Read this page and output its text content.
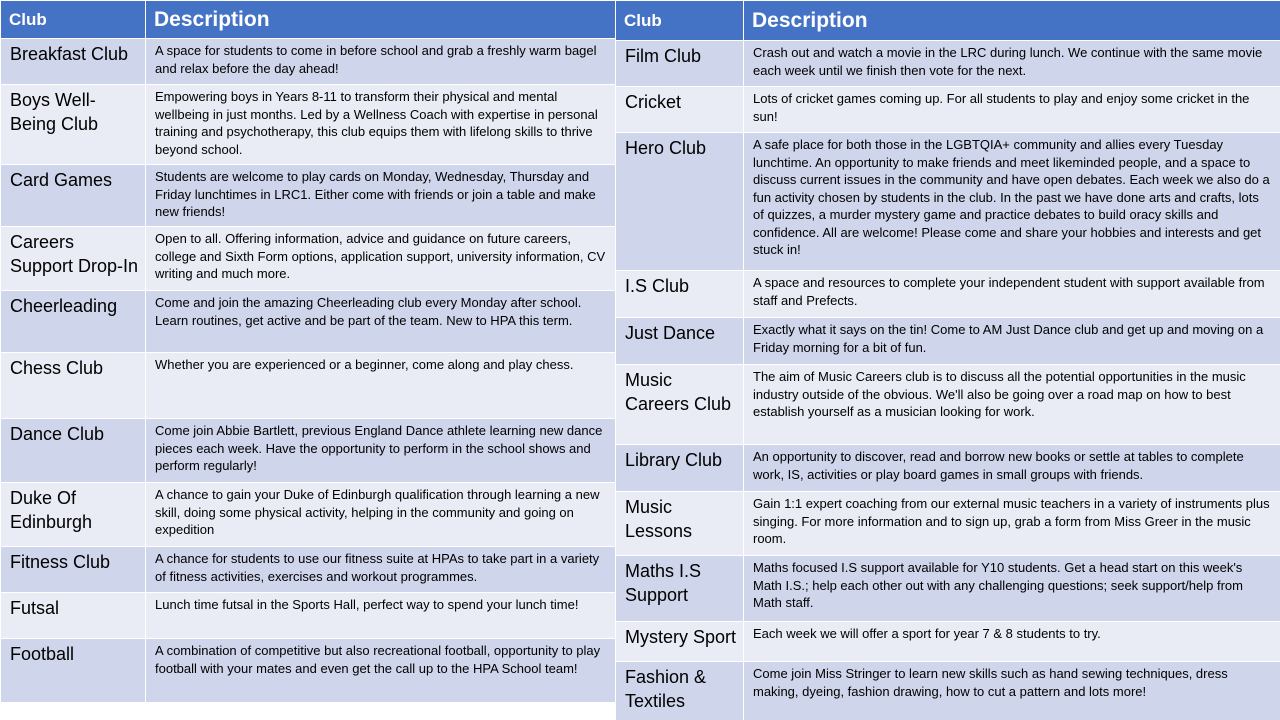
Club	Description
Breakfast Club	A space for students to come in before school and grab a freshly warm bagel and relax before the day ahead!
Boys Well-Being Club	Empowering boys in Years 8-11 to transform their physical and mental wellbeing in just months. Led by a Wellness Coach with expertise in personal training and psychotherapy, this club equips them with lifelong skills to thrive beyond school.
Card Games	Students are welcome to play cards on Monday, Wednesday, Thursday and Friday lunchtimes in LRC1. Either come with friends or join a table and make new friends!
Careers Support Drop-In	Open to all. Offering information, advice and guidance on future careers, college and Sixth Form options, application support, university information, CV writing and much more.
Cheerleading	Come and join the amazing Cheerleading club every Monday after school. Learn routines, get active and be part of the team. New to HPA this term.
Chess Club	Whether you are experienced or a beginner, come along and play chess.
Dance Club	Come join Abbie Bartlett, previous England Dance athlete learning new dance pieces each week. Have the opportunity to perform in the school shows and perform regularly!
Duke Of Edinburgh	A chance to gain your Duke of Edinburgh qualification through learning a new skill, doing some physical activity, helping in the community and going on expedition
Fitness Club	A chance for students to use our fitness suite at HPAs to take part in a variety of fitness activities, exercises and workout programmes.
Futsal	Lunch time futsal in the Sports Hall, perfect way to spend your lunch time!
Football	A combination of competitive but also recreational football, opportunity to play football with your mates and even get the call up to the HPA School team!
Club	Description
Film Club	Crash out and watch a movie in the LRC during lunch. We continue with the same movie each week until we finish then vote for the next.
Cricket	Lots of cricket games coming up. For all students to play and enjoy some cricket in the sun!
Hero Club	A safe place for both those in the LGBTQIA+ community and allies every Tuesday lunchtime. An opportunity to make friends and meet likeminded people, and a space to discuss current issues in the community and have open debates. Each week we also do a fun activity chosen by students in the club. In the past we have done arts and crafts, lots of quizzes, a murder mystery game and practice debates to build oracy skills and confidence. All are welcome! Please come and share your hobbies and interests and get stuck in!
I.S Club	A space and resources to complete your independent student with support available from staff and Prefects.
Just Dance	Exactly what it says on the tin! Come to AM Just Dance club and get up and moving on a Friday morning for a bit of fun.
Music Careers Club	The aim of Music Careers club is to discuss all the potential opportunities in the music industry outside of the obvious. We'll also be going over a road map on how to best establish yourself as a musician looking for work.
Library Club	An opportunity to discover, read and borrow new books or settle at tables to complete work, IS, activities or play board games in small groups with friends.
Music Lessons	Gain 1:1 expert coaching from our external music teachers in a variety of instruments plus singing. For more information and to sign up, grab a form from Miss Greer in the music room.
Maths I.S Support	Maths focused I.S support available for Y10 students. Get a head start on this week's Math I.S.; help each other out with any challenging questions; seek support/help from Math staff.
Mystery Sport	Each week we will offer a sport for year 7 & 8 students to try.
Fashion & Textiles	Come join Miss Stringer to learn new skills such as hand sewing techniques, dress making, dyeing, fashion drawing, how to cut a pattern and lots more!
